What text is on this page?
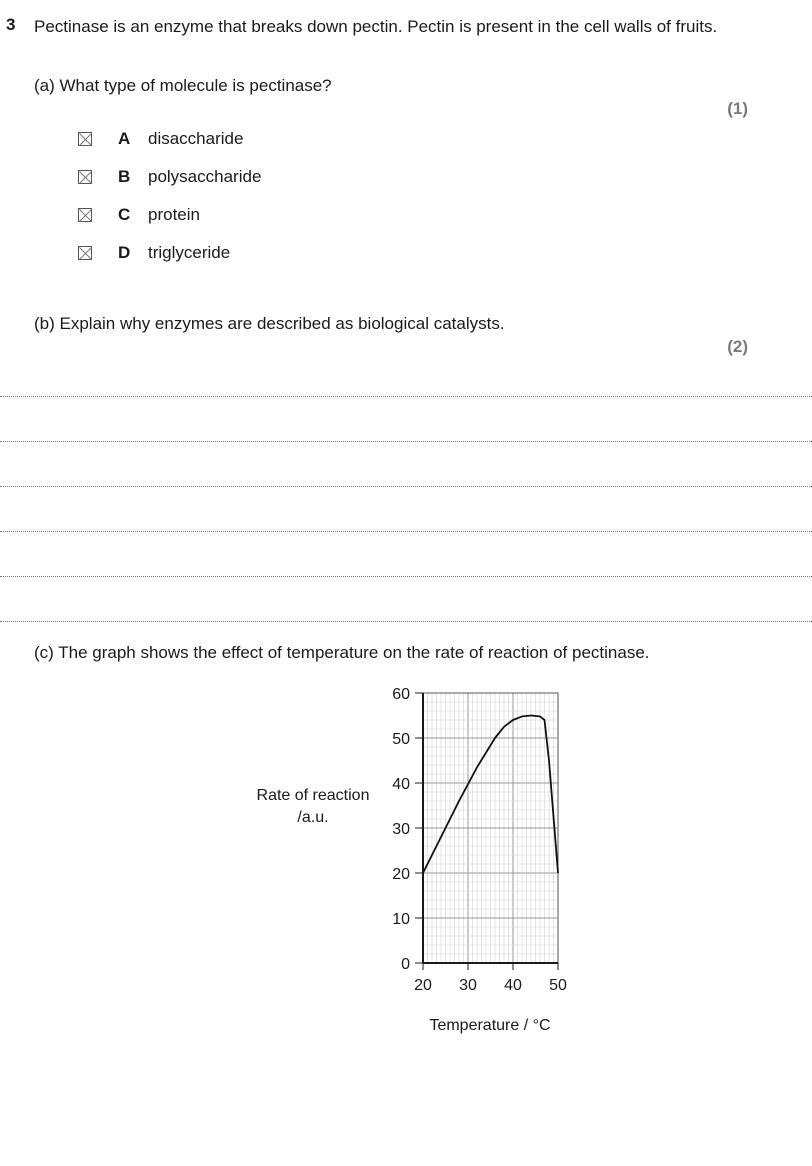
3 Pectinase is an enzyme that breaks down pectin. Pectin is present in the cell walls of fruits.
(a) What type of molecule is pectinase?
(1)
A	disaccharide
B	polysaccharide
C	protein
D	triglyceride
(b) Explain why enzymes are described as biological catalysts.
(2)
(c) The graph shows the effect of temperature on the rate of reaction of pectinase.
0
10
20
30
40
50
60
20 30 40 50
Rate of reaction
/a.u.
Temperature / °C
